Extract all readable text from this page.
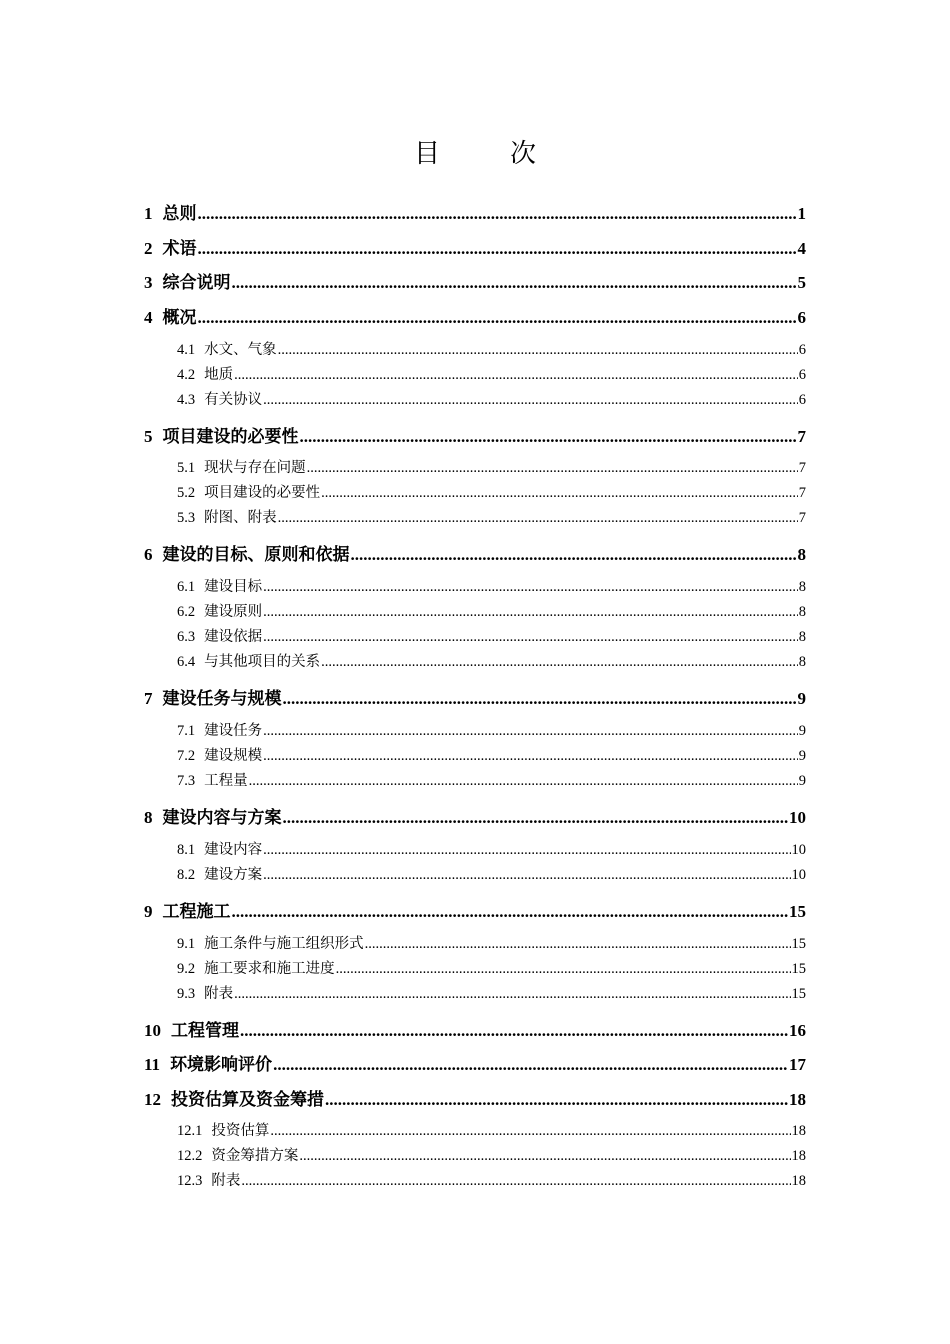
目　次
1 总则 .....	1
2 术语 .....	4
3 综合说明 .....	5
4 概况 .....	6
4.1 水文、气象 .....	6
4.2 地质 .....	6
4.3 有关协议 .....	6
5 项目建设的必要性 .....	7
5.1 现状与存在问题 .....	7
5.2 项目建设的必要性 .....	7
5.3 附图、附表 .....	7
6 建设的目标、原则和依据 .....	8
6.1 建设目标 .....	8
6.2 建设原则 .....	8
6.3 建设依据 .....	8
6.4 与其他项目的关系 .....	8
7 建设任务与规模 .....	9
7.1 建设任务 .....	9
7.2 建设规模 .....	9
7.3 工程量 .....	9
8 建设内容与方案 .....	10
8.1 建设内容 .....	10
8.2 建设方案 .....	10
9 工程施工 .....	15
9.1 施工条件与施工组织形式 .....	15
9.2 施工要求和施工进度 .....	15
9.3 附表 .....	15
10 工程管理 .....	16
11 环境影响评价 .....	17
12 投资估算及资金筹措 .....	18
12.1 投资估算 .....	18
12.2 资金筹措方案 .....	18
12.3 附表 .....	18
